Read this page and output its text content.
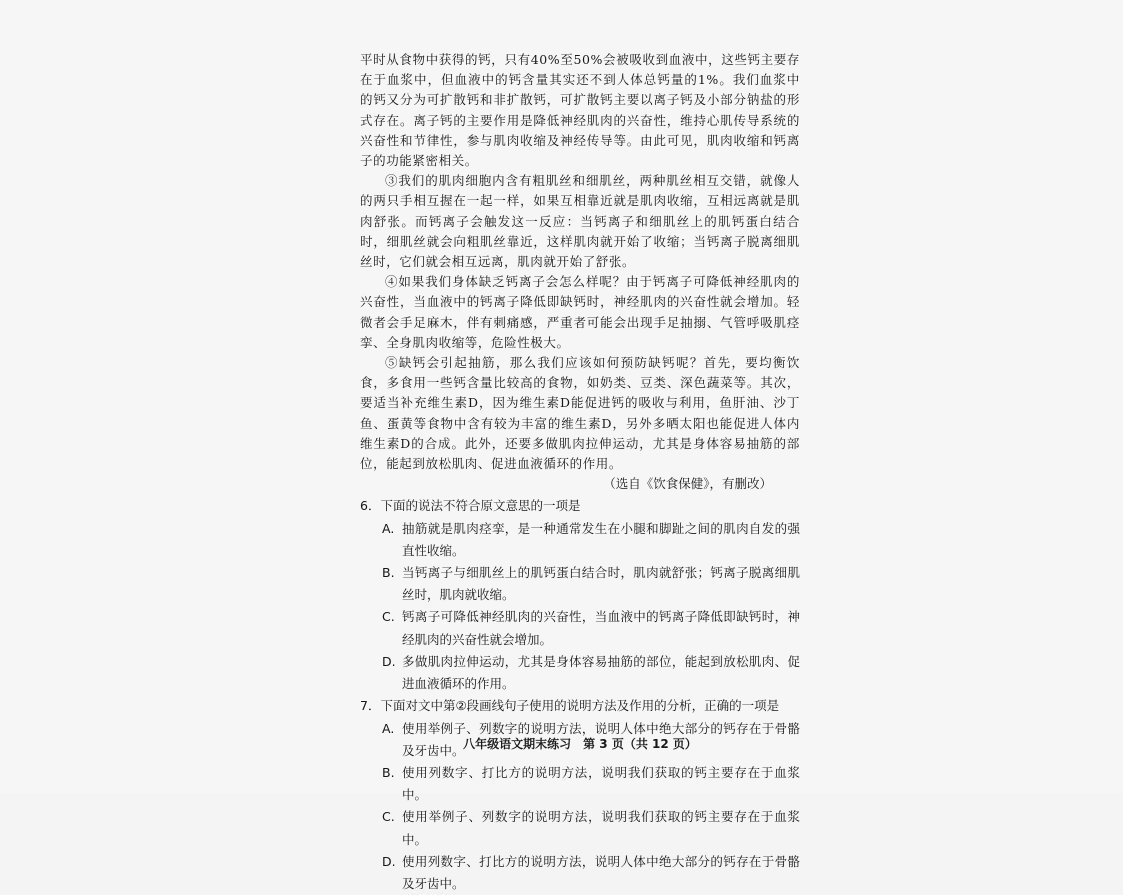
平时从食物中获得的钙，只有40%至50%会被吸收到血液中，这些钙主要存在于血浆中，但血液中的钙含量其实还不到人体总钙量的1%。我们血浆中的钙又分为可扩散钙和非扩散钙，可扩散钙主要以离子钙及小部分钠盐的形式存在。离子钙的主要作用是降低神经肌肉的兴奋性，维持心肌传导系统的兴奋性和节律性，参与肌肉收缩及神经传导等。由此可见，肌肉收缩和钙离子的功能紧密相关。

③我们的肌肉细胞内含有粗肌丝和细肌丝，两种肌丝相互交错，就像人的两只手相互握在一起一样，如果互相靠近就是肌肉收缩，互相远离就是肌肉舒张。而钙离子会触发这一反应：当钙离子和细肌丝上的肌钙蛋白结合时，细肌丝就会向粗肌丝靠近，这样肌肉就开始了收缩；当钙离子脱离细肌丝时，它们就会相互远离，肌肉就开始了舒张。

④如果我们身体缺乏钙离子会怎么样呢？由于钙离子可降低神经肌肉的兴奋性，当血液中的钙离子降低即缺钙时，神经肌肉的兴奋性就会增加。轻微者会手足麻木，伴有刺痛感，严重者可能会出现手足抽搦、气管呼吸肌痉挛、全身肌肉收缩等，危险性极大。

⑤缺钙会引起抽筋，那么我们应该如何预防缺钙呢？首先，要均衡饮食，多食用一些钙含量比较高的食物，如奶类、豆类、深色蔬菜等。其次，要适当补充维生素D，因为维生素D能促进钙的吸收与利用，鱼肝油、沙丁鱼、蛋黄等食物中含有较为丰富的维生素D，另外多晒太阳也能促进人体内维生素D的合成。此外，还要多做肌肉拉伸运动，尤其是身体容易抽筋的部位，能起到放松肌肉、促进血液循环的作用。

（选自《饮食保健》，有删改）

6．下面的说法不符合原文意思的一项是

A. 抽筋就是肌肉痉挛，是一种通常发生在小腿和脚趾之间的肌肉自发的强直性收缩。
B. 当钙离子与细肌丝上的肌钙蛋白结合时，肌肉就舒张；钙离子脱离细肌丝时，肌肉就收缩。
C. 钙离子可降低神经肌肉的兴奋性，当血液中的钙离子降低即缺钙时，神经肌肉的兴奋性就会增加。
D. 多做肌肉拉伸运动，尤其是身体容易抽筋的部位，能起到放松肌肉、促进血液循环的作用。

7．下面对文中第②段画线句子使用的说明方法及作用的分析，正确的一项是

A. 使用举例子、列数字的说明方法，说明人体中绝大部分的钙存在于骨骼及牙齿中。
B. 使用列数字、打比方的说明方法，说明我们获取的钙主要存在于血浆中。
C. 使用举例子、列数字的说明方法，说明我们获取的钙主要存在于血浆中。
D. 使用列数字、打比方的说明方法，说明人体中绝大部分的钙存在于骨骼及牙齿中。
八年级语文期末练习　第 3 页（共 12 页）
